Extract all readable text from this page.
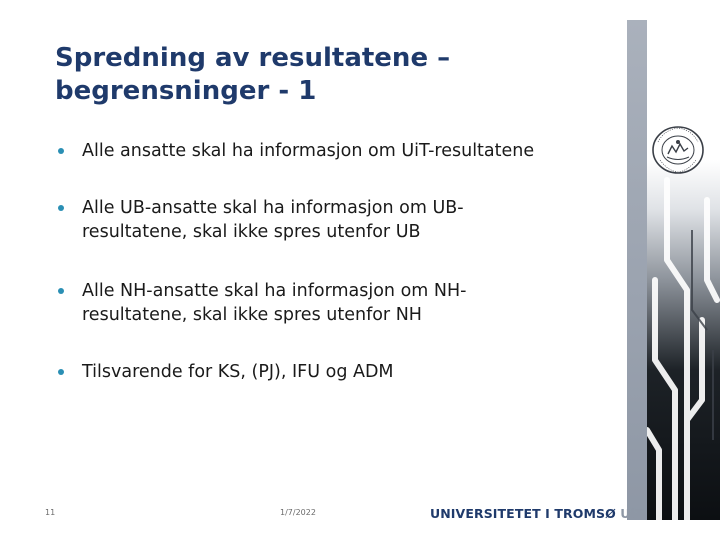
Spredning av resultatene –
begrensninger - 1
Alle ansatte skal ha informasjon om UiT-resultatene
Alle UB-ansatte skal ha informasjon om UB-
resultatene, skal ikke spres utenfor UB
Alle NH-ansatte skal ha informasjon om NH-
resultatene, skal ikke spres utenfor NH
Tilsvarende for KS, (PJ), IFU og ADM
11	1/7/2022	UNIVERSITETET I TROMSØ UiT
